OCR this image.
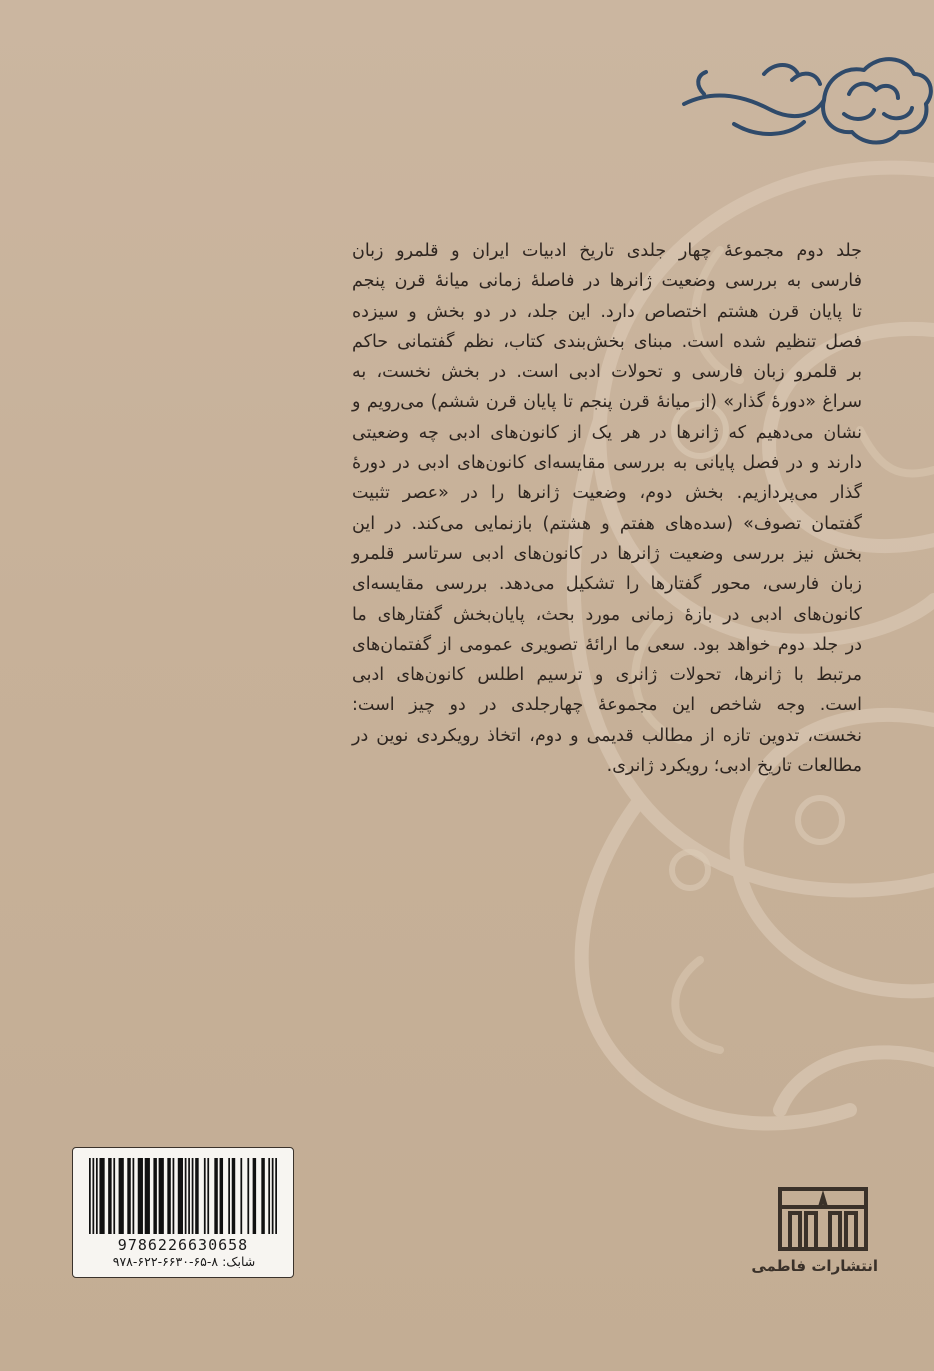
جلد دوم مجموعهٔ چهار جلدی تاریخ ادبیات ایران و قلمرو زبان
فارسی به بررسی وضعیت ژانرها در فاصلهٔ زمانی میانهٔ قرن پنجم
تا پایان قرن هشتم اختصاص دارد. این جلد، در دو بخش و سیزده
فصل تنظیم شده است. مبنای بخش‌بندی کتاب، نظم گفتمانی حاکم
بر قلمرو زبان فارسی و تحولات ادبی است. در بخش نخست، به
سراغ «دورهٔ گذار» (از میانهٔ قرن پنجم تا پایان قرن ششم) می‌رویم و
نشان می‌دهیم که ژانرها در هر یک از کانون‌های ادبی چه وضعیتی
دارند و در فصل پایانی به بررسی مقایسه‌ای کانون‌های ادبی در دورهٔ
گذار می‌پردازیم. بخش دوم، وضعیت ژانرها را در «عصر تثبیت
گفتمان تصوف» (سده‌های هفتم و هشتم) بازنمایی می‌کند. در این
بخش نیز بررسی وضعیت ژانرها در کانون‌های ادبی سرتاسر قلمرو
زبان فارسی، محور گفتارها را تشکیل می‌دهد. بررسی مقایسه‌ای
کانون‌های ادبی در بازهٔ زمانی مورد بحث، پایان‌بخش گفتارهای ما
در جلد دوم خواهد بود. سعی ما ارائهٔ تصویری عمومی از گفتمان‌های
مرتبط با ژانرها، تحولات ژانری و ترسیم اطلس کانون‌های ادبی
است. وجه شاخص این مجموعهٔ چهارجلدی در دو چیز است:
نخست، تدوین تازه از مطالب قدیمی و دوم، اتخاذ رویکردی نوین در
مطالعات تاریخ ادبی؛ رویکرد ژانری.
9786226630658
شابک: ۸-۶۵-۶۶۳۰-۶۲۲-۹۷۸	انتشارات فاطمی
